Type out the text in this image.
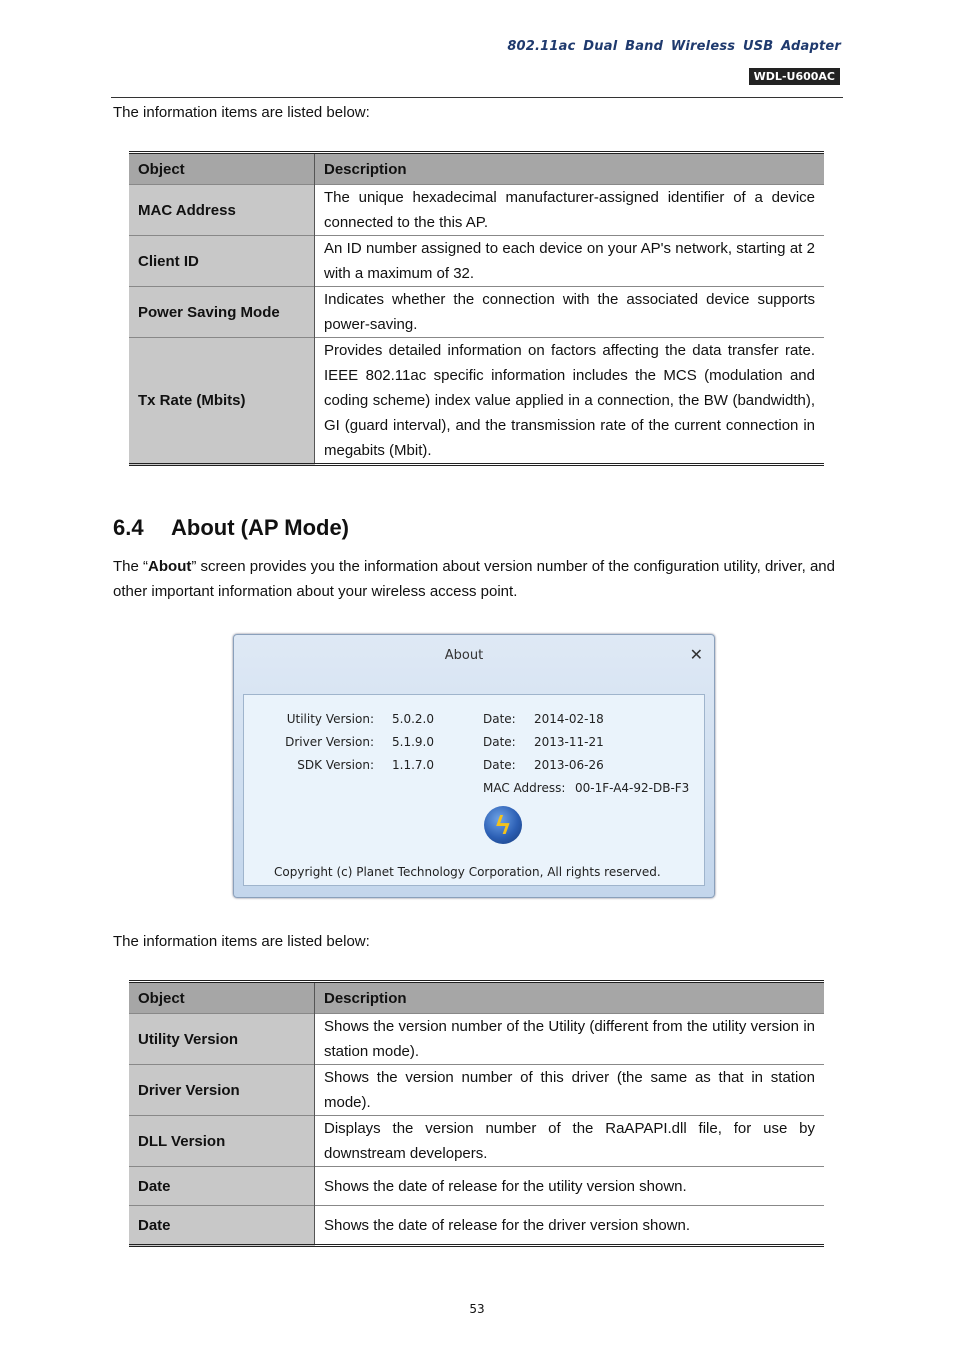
802.11ac Dual Band Wireless USB Adapter
WDL-U600AC
The information items are listed below:

Object	Description
MAC Address	The unique hexadecimal manufacturer-assigned identifier of a device connected to the this AP.
Client ID	An ID number assigned to each device on your AP's network, starting at 2 with a maximum of 32.
Power Saving Mode	Indicates whether the connection with the associated device supports power-saving.
Tx Rate (Mbits)	Provides detailed information on factors affecting the data transfer rate. IEEE 802.11ac specific information includes the MCS (modulation and coding scheme) index value applied in a connection, the BW (bandwidth), GI (guard interval), and the transmission rate of the current connection in megabits (Mbit).
6.4 About (AP Mode)
The “About” screen provides you the information about version number of the configuration utility, driver, and other important information about your wireless access point.
About	✕
Utility Version: 5.0.2.0	Date: 2014-02-18
Driver Version: 5.1.9.0	Date: 2013-11-21
SDK Version: 1.1.7.0	Date: 2013-06-26
MAC Address: 00-1F-A4-92-DB-F3
ϟ
Copyright (c) Planet Technology Corporation, All rights reserved.
The information items are listed below:

Object	Description
Utility Version	Shows the version number of the Utility (different from the utility version in station mode).
Driver Version	Shows the version number of this driver (the same as that in station mode).
DLL Version	Displays the version number of the RaAPAPI.dll file, for use by downstream developers.
Date	Shows the date of release for the utility version shown.
Date	Shows the date of release for the driver version shown.
53
